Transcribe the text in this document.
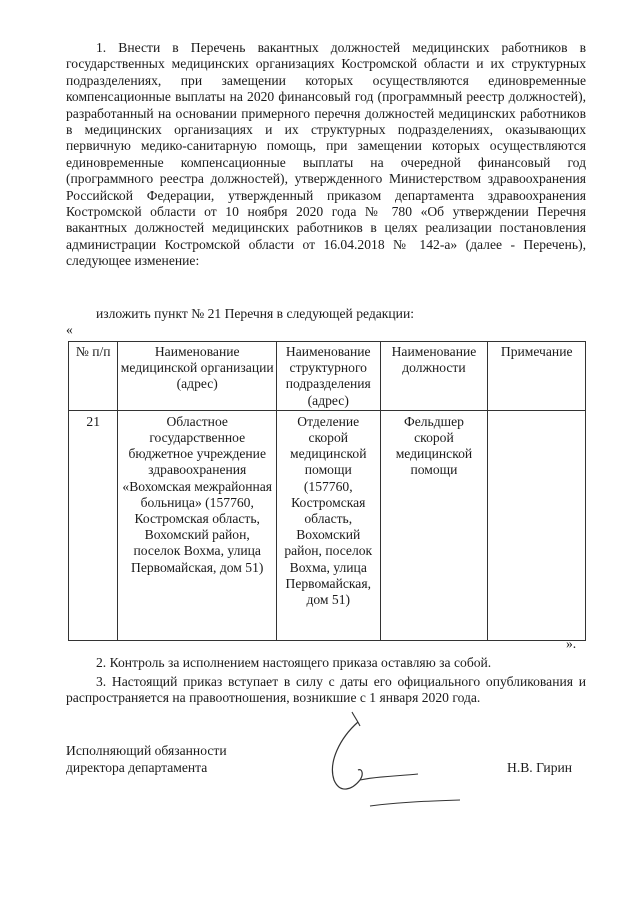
1. Внести в Перечень вакантных должностей медицинских работников в государственных медицинских организациях Костромской области и их структурных подразделениях, при замещении которых осуществляются единовременные компенсационные выплаты на 2020 финансовый год (программный реестр должностей), разработанный на основании примерного перечня должностей медицинских работников в медицинских организациях и их структурных подразделениях, оказывающих первичную медико-санитарную помощь, при замещении которых осуществляются единовременные компенсационные выплаты на очередной финансовый год (программного реестра должностей), утвержденного Министерством здравоохранения Российской Федерации, утвержденный приказом департамента здравоохранения Костромской области от 10 ноября 2020 года № 780 «Об утверждении Перечня вакантных должностей медицинских работников в целях реализации постановления администрации Костромской области от 16.04.2018 № 142-а» (далее - Перечень), следующее изменение:

изложить пункт № 21 Перечня в следующей редакции:

«
№ п/п	Наименование медицинской организации (адрес)	Наименование структурного подразделения (адрес)	Наименование должности	Примечание
21	Областное государственное бюджетное учреждение здравоохранения «Вохомская межрайонная больница» (157760, Костромская область, Вохомский район, поселок Вохма, улица Первомайская, дом 51)	Отделение скорой медицинской помощи (157760, Костромская область, Вохомский район, поселок Вохма, улица Первомайская, дом 51)	Фельдшер скорой медицинской помощи	
».

2. Контроль за исполнением настоящего приказа оставляю за собой.

3. Настоящий приказ вступает в силу с даты его официального опубликования и распространяется на правоотношения, возникшие с 1 января 2020 года.

Исполняющий обязанности
директора департамента	Н.В. Гирин
